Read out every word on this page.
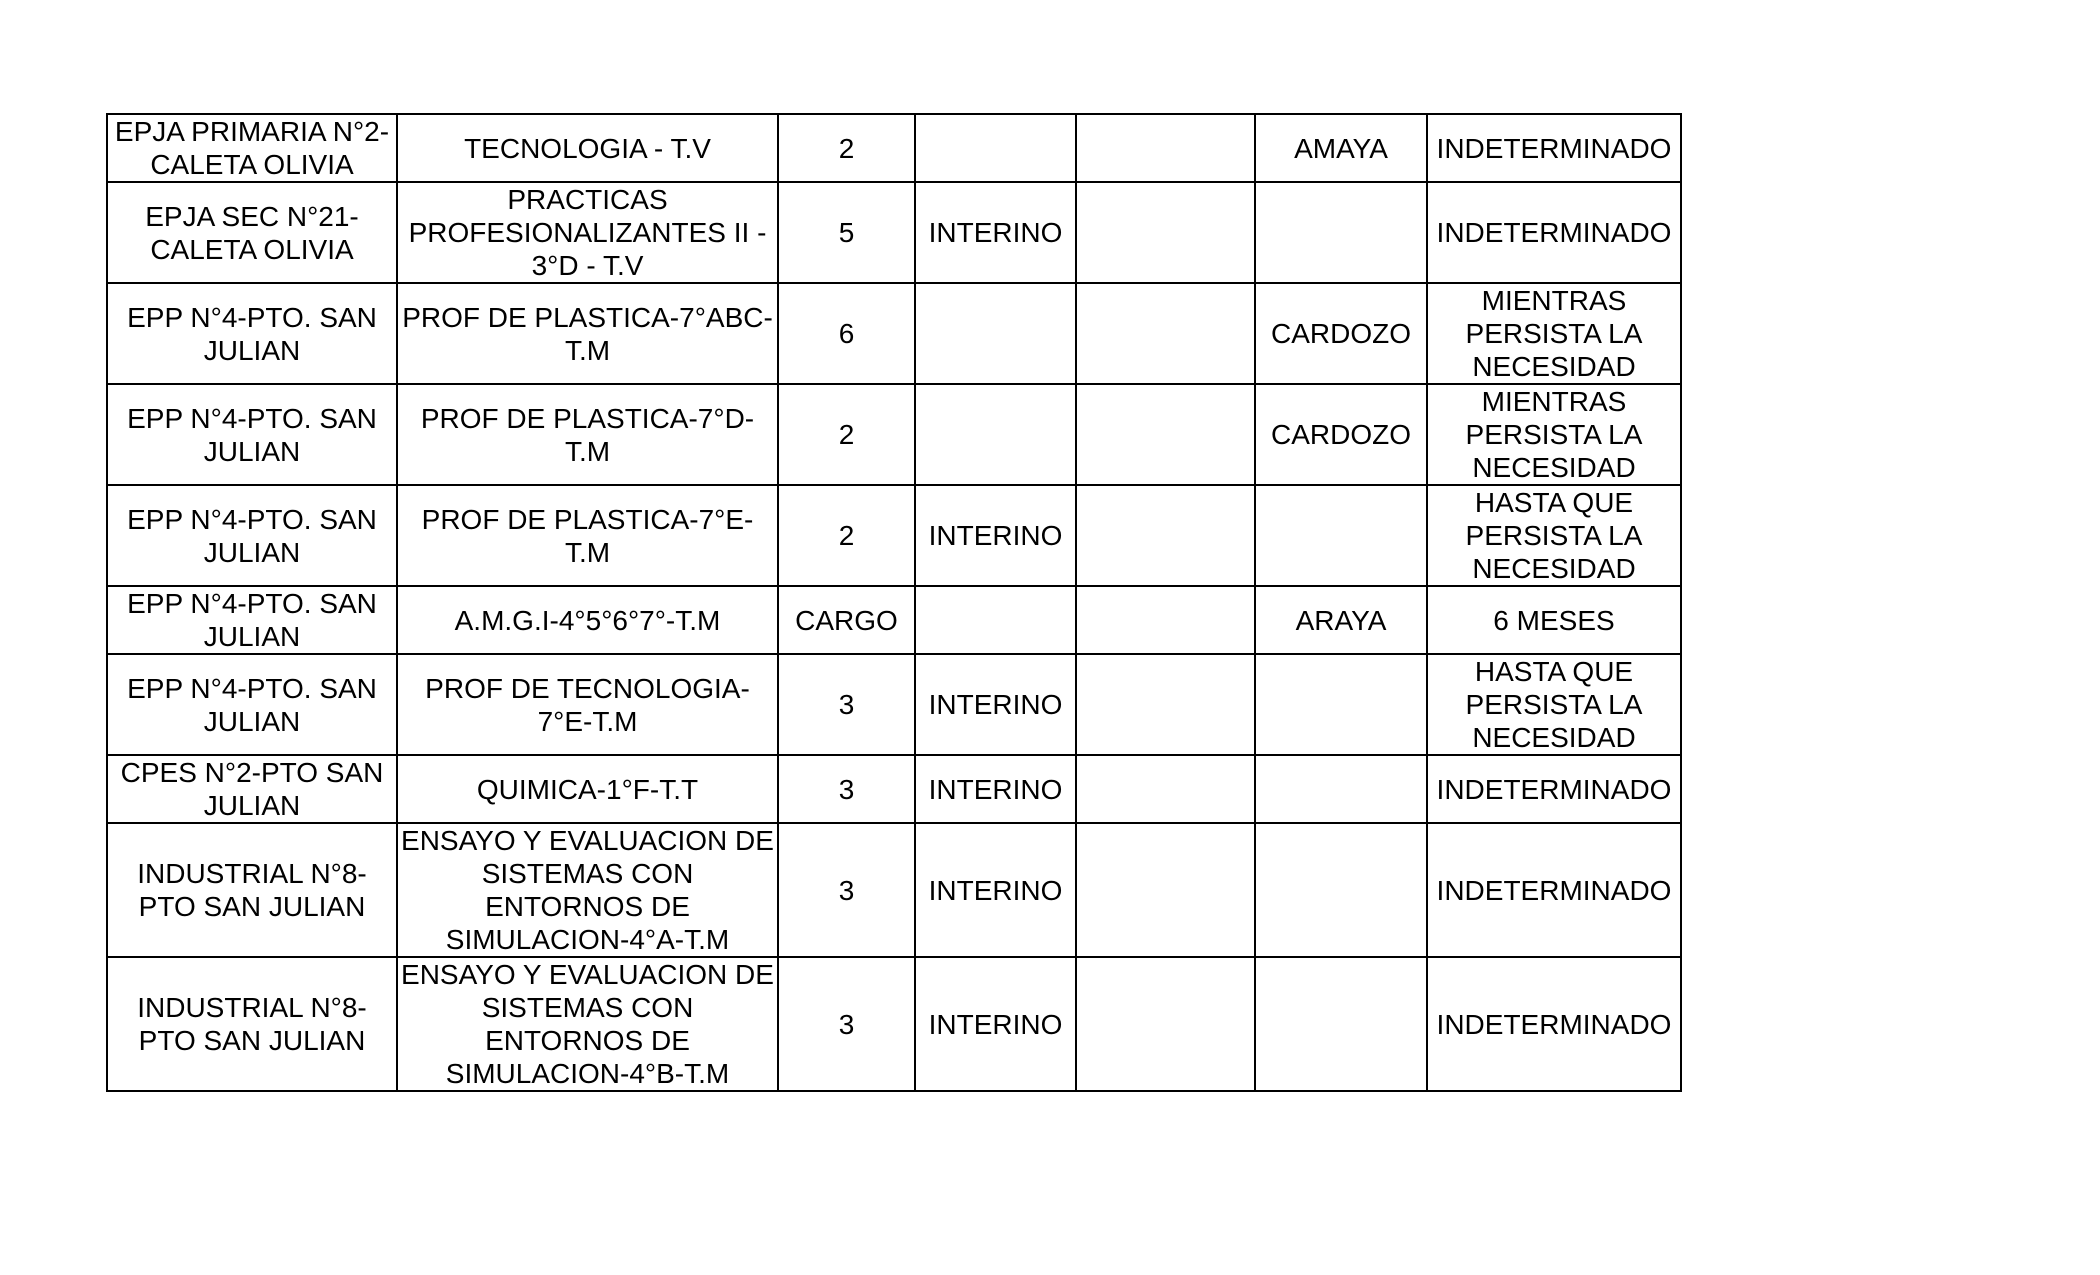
EPJA PRIMARIA N°2-CALETA OLIVIA	TECNOLOGIA - T.V	2			AMAYA	INDETERMINADO
EPJA SEC N°21-CALETA OLIVIA	PRACTICAS PROFESIONALIZANTES II - 3°D - T.V	5	INTERINO			INDETERMINADO
EPP N°4-PTO. SAN JULIAN	PROF DE PLASTICA-7°ABC-T.M	6			CARDOZO	MIENTRAS PERSISTA LA NECESIDAD
EPP N°4-PTO. SAN JULIAN	PROF DE PLASTICA-7°D-T.M	2			CARDOZO	MIENTRAS PERSISTA LA NECESIDAD
EPP N°4-PTO. SAN JULIAN	PROF DE PLASTICA-7°E-T.M	2	INTERINO			HASTA QUE PERSISTA LA NECESIDAD
EPP N°4-PTO. SAN JULIAN	A.M.G.I-4°5°6°7°-T.M	CARGO			ARAYA	6 MESES
EPP N°4-PTO. SAN JULIAN	PROF DE TECNOLOGIA-7°E-T.M	3	INTERINO			HASTA QUE PERSISTA LA NECESIDAD
CPES N°2-PTO SAN JULIAN	QUIMICA-1°F-T.T	3	INTERINO			INDETERMINADO
INDUSTRIAL N°8-PTO SAN JULIAN	ENSAYO Y EVALUACION DE SISTEMAS CON ENTORNOS DE SIMULACION-4°A-T.M	3	INTERINO			INDETERMINADO
INDUSTRIAL N°8-PTO SAN JULIAN	ENSAYO Y EVALUACION DE SISTEMAS CON ENTORNOS DE SIMULACION-4°B-T.M	3	INTERINO			INDETERMINADO
